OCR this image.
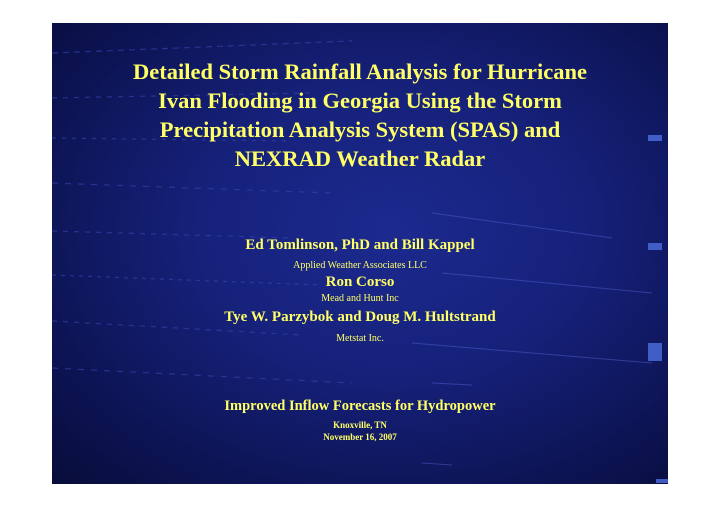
Detailed Storm Rainfall Analysis for Hurricane
Ivan Flooding in Georgia Using the Storm
Precipitation Analysis System (SPAS) and
NEXRAD Weather Radar
Ed Tomlinson, PhD and Bill Kappel
Applied Weather Associates LLC
Ron Corso
Mead and Hunt Inc
Tye W. Parzybok and Doug M. Hultstrand
Metstat Inc.
Improved Inflow Forecasts for Hydropower
Knoxville, TN
November 16, 2007
